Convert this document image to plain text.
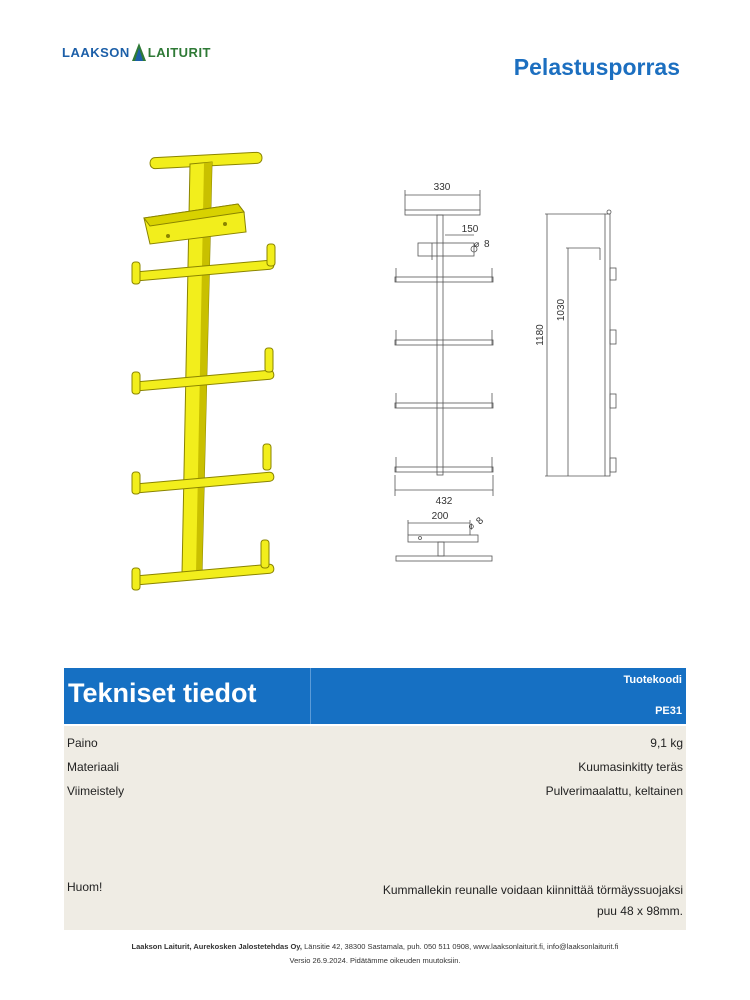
LAAKSON LAITURIT
Pelastusporras
330
150
8
432
⌀
1180
1030
200	8
⌀
Tekniset tiedot	Tuotekoodi
PE31
Paino	9,1 kg
Materiaali	Kuumasinkitty teräs
Viimeistely	Pulverimaalattu, keltainen
Huom!	Kummallekin reunalle voidaan kiinnittää törmäyssuojaksi
puu 48 x 98mm.
Laakson Laiturit, Aurekosken Jalostetehdas Oy, Länsitie 42, 38300 Sastamala, puh. 050 511 0908, www.laaksonlaiturit.fi, info@laaksonlaiturit.fi
Versio 26.9.2024. Pidätämme oikeuden muutoksiin.
